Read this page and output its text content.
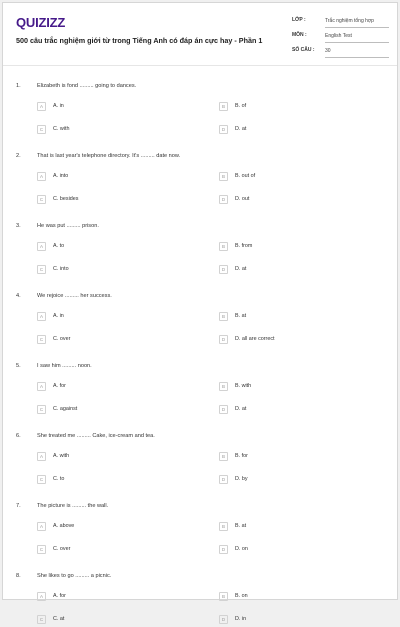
QUIZIZZ
500 câu trắc nghiệm giới từ trong Tiếng Anh có đáp án cực hay - Phần 1
LỚP :	Trắc nghiệm tổng hợp
MÔN :	English Test
SỐ CÂU : 30
1.	Elizabeth is fond ......... going to dances.
A	A. in	B	B. of
C	C. with	D	D. at
2.	That is last year's telephone directory. It's ......... date now.
A	A. into	B	B. out of
C	C. besides	D	D. out
3.	He was put ......... prison.
A	A. to	B	B. from
C	C. into	D	D. at
4.	We rejoice ......... her success.
A	A. in	B	B. at
C	C. over	D	D. all are correct
5.	I saw him ......... noon.
A	A. for	B	B. with
C	C. against	D	D. at
6.	She treated me ......... Cake, ice-cream and tea.
A	A. with	B	B. for
C	C. to	D	D. by
7.	The picture is ......... the wall.
A	A. above	B	B. at
C	C. over	D	D. on
8.	She likes to go ......... a picnic.
A	A. for	B	B. on
C	C. at	D	D. in
